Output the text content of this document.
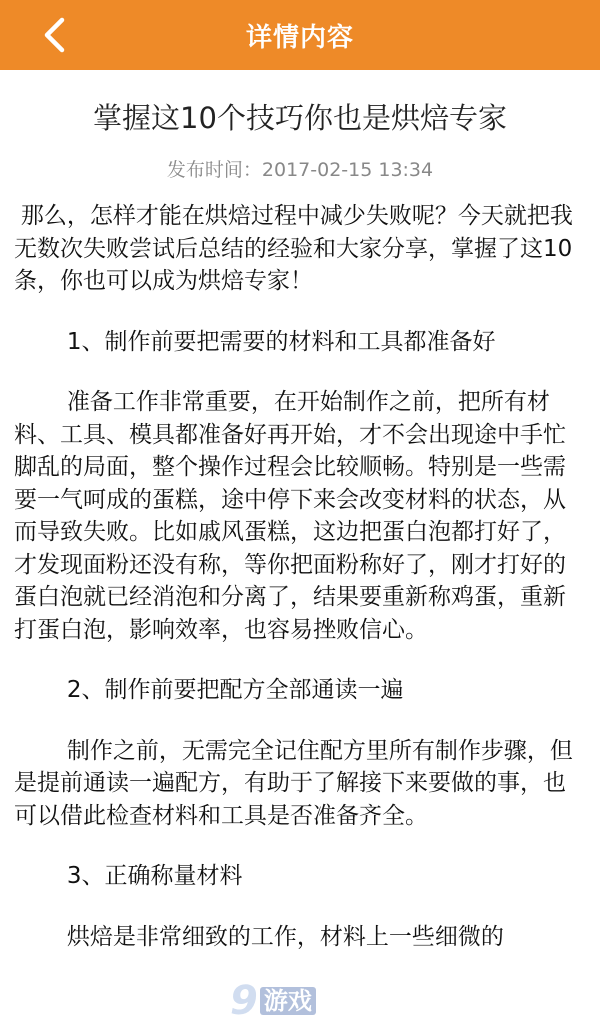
详情内容
掌握这10个技巧你也是烘焙专家
发布时间：2017-02-15 13:34

那么，怎样才能在烘焙过程中减少失败呢？今天就把我无数次失败尝试后总结的经验和大家分享，掌握了这10条，你也可以成为烘焙专家！

1、制作前要把需要的材料和工具都准备好

准备工作非常重要，在开始制作之前，把所有材料、工具、模具都准备好再开始，才不会出现途中手忙脚乱的局面，整个操作过程会比较顺畅。特别是一些需要一气呵成的蛋糕，途中停下来会改变材料的状态，从而导致失败。比如戚风蛋糕，这边把蛋白泡都打好了，才发现面粉还没有称，等你把面粉称好了，刚才打好的蛋白泡就已经消泡和分离了，结果要重新称鸡蛋，重新打蛋白泡，影响效率，也容易挫败信心。

2、制作前要把配方全部通读一遍

制作之前，无需完全记住配方里所有制作步骤，但是提前通读一遍配方，有助于了解接下来要做的事，也可以借此检查材料和工具是否准备齐全。

3、正确称量材料

烘焙是非常细致的工作，材料上一些细微的

9 游戏
